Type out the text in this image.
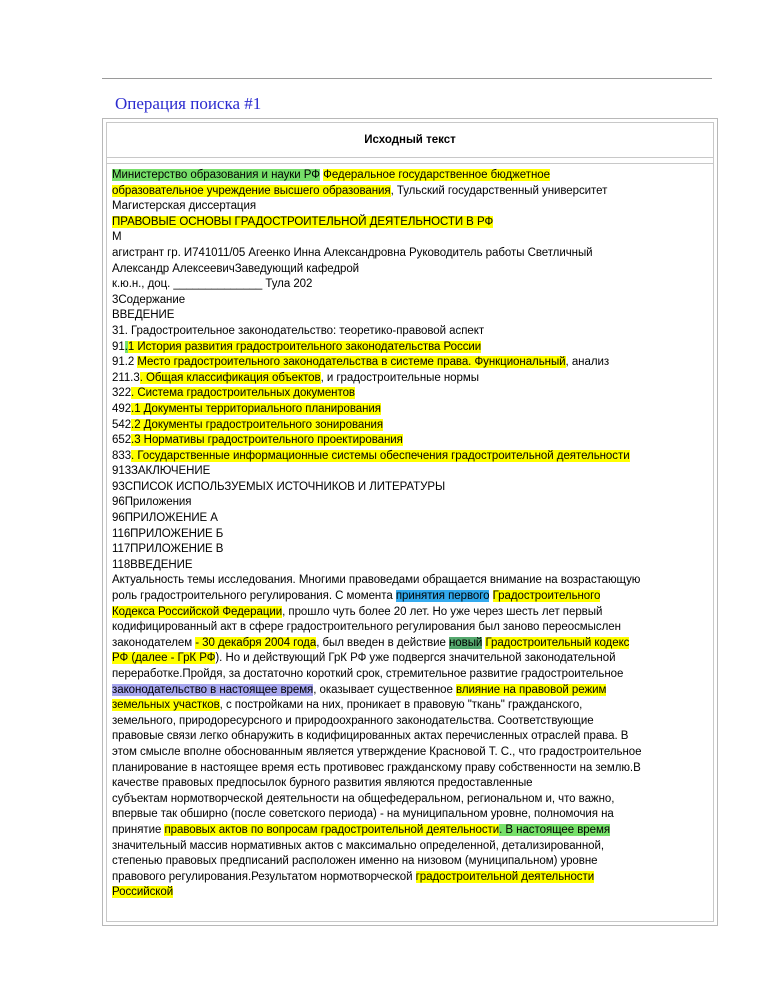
Операция поиска #1
Исходный текст
Министерство образования и науки РФ Федеральное государственное бюджетное
образовательное учреждение высшего образования, Тульский государственный университет
Магистерская диссертация
ПРАВОВЫЕ ОСНОВЫ ГРАДОСТРОИТЕЛЬНОЙ ДЕЯТЕЛЬНОСТИ В РФ
М
агистрант гр. И741011/05 Агеенко Инна Александровна Руководитель работы Светличный
Александр АлексеевичЗаведующий кафедрой
к.ю.н., доц. ______________ Тула 202
3Содержание
ВВЕДЕНИЕ
31. Градостроительное законодательство: теоретико-правовой аспект
91.1 История развития градостроительного законодательства России
91.2 Место градостроительного законодательства в системе права. Функциональный, анализ
211.3. Общая классификация объектов, и градостроительные нормы
322. Система градостроительных документов
492.1 Документы территориального планирования
542.2 Документы градостроительного зонирования
652.3 Нормативы градостроительного проектирования
833. Государственные информационные системы обеспечения градостроительной деятельности
913ЗАКЛЮЧЕНИЕ
93СПИСОК ИСПОЛЬЗУЕМЫХ ИСТОЧНИКОВ И ЛИТЕРАТУРЫ
96Приложения
96ПРИЛОЖЕНИЕ А
116ПРИЛОЖЕНИЕ Б
117ПРИЛОЖЕНИЕ В
118ВВЕДЕНИЕ
Актуальность темы исследования. Многими правоведами обращается внимание на возрастающую
роль градостроительного регулирования. С момента принятия первого Градостроительного
Кодекса Российской Федерации, прошло чуть более 20 лет. Но уже через шесть лет первый
кодифицированный акт в сфере градостроительного регулирования был заново переосмыслен
законодателем - 30 декабря 2004 года, был введен в действие новый Градостроительный кодекс
РФ (далее - ГрК РФ). Но и действующий ГрК РФ уже подвергся значительной законодательной
переработке.Пройдя, за достаточно короткий срок, стремительное развитие градостроительное
законодательство в настоящее время, оказывает существенное влияние на правовой режим
земельных участков, с постройками на них, проникает в правовую "ткань" гражданского,
земельного, природоресурсного и природоохранного законодательства. Соответствующие
правовые связи легко обнаружить в кодифицированных актах перечисленных отраслей права. В
этом смысле вполне обоснованным является утверждение Красновой Т. С., что градостроительное
планирование в настоящее время есть противовес гражданскому праву собственности на землю.В
качестве правовых предпосылок бурного развития являются предоставленные
субъектам нормотворческой деятельности на общефедеральном, региональном и, что важно,
впервые так обширно (после советского периода) - на муниципальном уровне, полномочия на
принятие правовых актов по вопросам градостроительной деятельности. В настоящее время
значительный массив нормативных актов с максимально определенной, детализированной,
степенью правовых предписаний расположен именно на низовом (муниципальном) уровне
правового регулирования.Результатом нормотворческой градостроительной деятельности
Российской
